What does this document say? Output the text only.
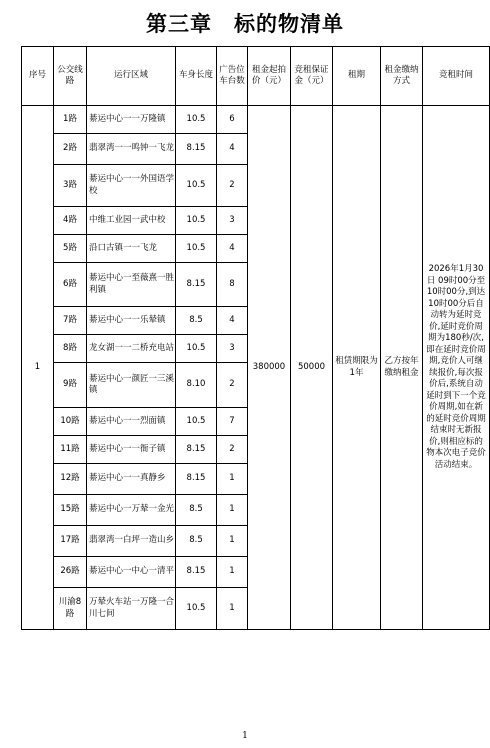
第三章　标的物清单
序号	公交线路	运行区域	车身长度	广告位车台数	租金起拍价（元）	竞租保证金（元）	租期	租金缴纳方式	竞租时间
1	1路	綦运中心一一万隆镇	10.5	6	380000	50000	租赁期限为1年	乙方按年缴纳租金	2026年1月30日 09时00分至10时00分,到达10时00分后自动转为延时竞价,延时竞价周期为180秒/次,即在延时竞价周期,竞价人可继续报价,每次报价后,系统自动延时到下一个竞价周期,如在新的延时竞价周期结束时无新报价,则相应标的物本次电子竞价活动结束。
	2路	翡翠湾一一鸣钟一飞龙	8.15	4					
	3路	綦运中心一一外国语学校	10.5	2					
	4路	中维工业园一武中校	10.5	3					
	5路	沿口古镇一一飞龙	10.5	4					
	6路	綦运中心一至薇熹一胜利镇	8.15	8					
	7路	綦运中心一一乐辇镇	8.5	4					
	8路	龙女湖一一二桥充电站	10.5	3					
	9路	綦运中心一颜匠一三溪镇	8.10	2					
	10路	綦运中心一一烈面镇	10.5	7					
	11路	綦运中心一一衙子镇	8.15	2					
	12路	綦运中心一一真静乡	8.15	1					
	15路	綦运中心一万辇一金光	8.5	1					
	17路	翡翠湾一白坪一造山乡	8.5	1					
	26路	綦运中心一中心一清平	8.15	1					
	川渝8路	万辇火车站一万隆一合川七间	10.5	1					
1
